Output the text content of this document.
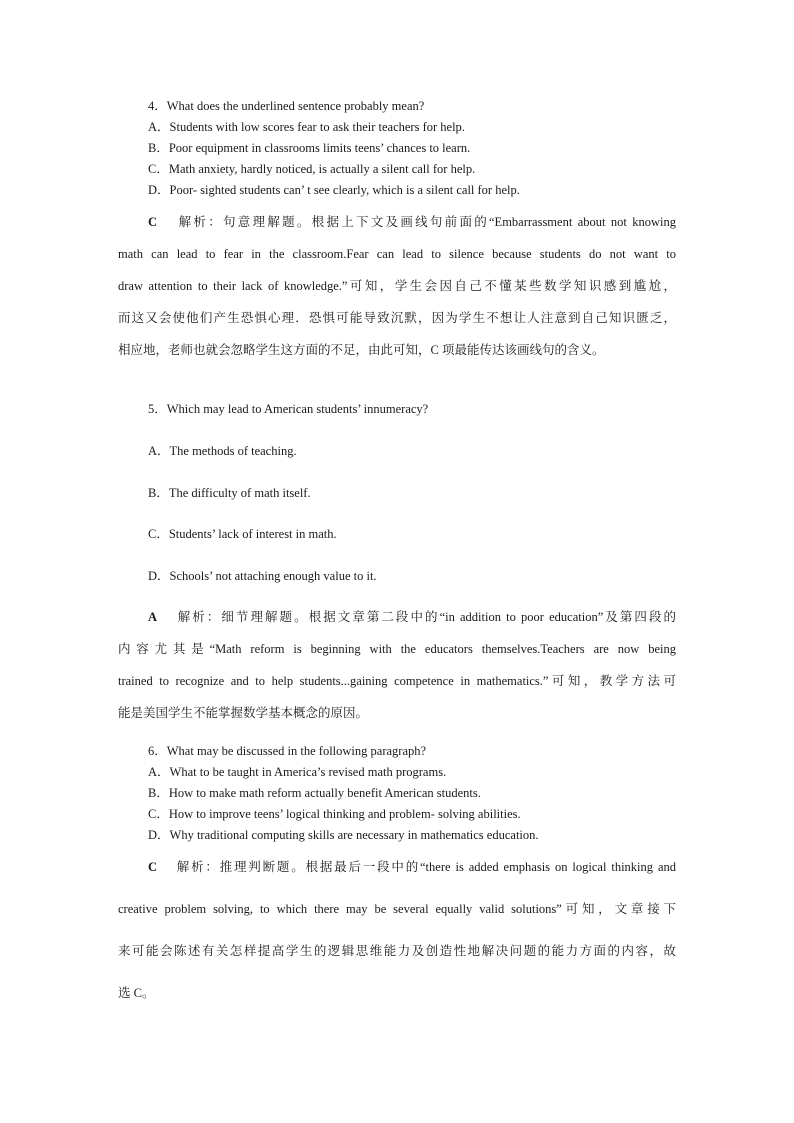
4．What does the underlined sentence probably mean?
A．Students with low scores fear to ask their teachers for help.
B．Poor equipment in classrooms limits teens’ chances to learn.
C．Math anxiety, hardly noticed, is actually a silent call for help.
D．Poor- sighted students can’ t see clearly, which is a silent call for help.
C 解析：句意理解题。根据上下文及画线句前面的“Embarrassment about not knowing
math can lead to fear in the classroom.Fear can lead to silence because students do not want to
draw attention to their lack of knowledge.”可知，学生会因自己不懂某些数学知识感到尴尬，
而这又会使他们产生恐惧心理．恐惧可能导致沉默，因为学生不想让人注意到自己知识匮乏，
相应地，老师也就会忽略学生这方面的不足，由此可知，C 项最能传达该画线句的含义。
5．Which may lead to American students’ innumeracy?
A．The methods of teaching.
B．The difficulty of math itself.
C．Students’ lack of interest in math.
D．Schools’ not attaching enough value to it.
A 解析：细节理解题。根据文章第二段中的“in addition to poor education”及第四段的
内容尤其是“Math reform is beginning with the educators themselves.Teachers are now being
trained to recognize and to help students...gaining competence in mathematics.”可知，教学方法可
能是美国学生不能掌握数学基本概念的原因。
6．What may be discussed in the following paragraph?
A．What to be taught in America’s revised math programs.
B．How to make math reform actually benefit American students.
C．How to improve teens’ logical thinking and problem- solving abilities.
D．Why traditional computing skills are necessary in mathematics education.
C 解析：推理判断题。根据最后一段中的“there is added emphasis on logical thinking and
creative problem solving, to which there may be several equally valid solutions”可知，文章接下
来可能会陈述有关怎样提高学生的逻辑思维能力及创造性地解决问题的能力方面的内容，故
选 C。
